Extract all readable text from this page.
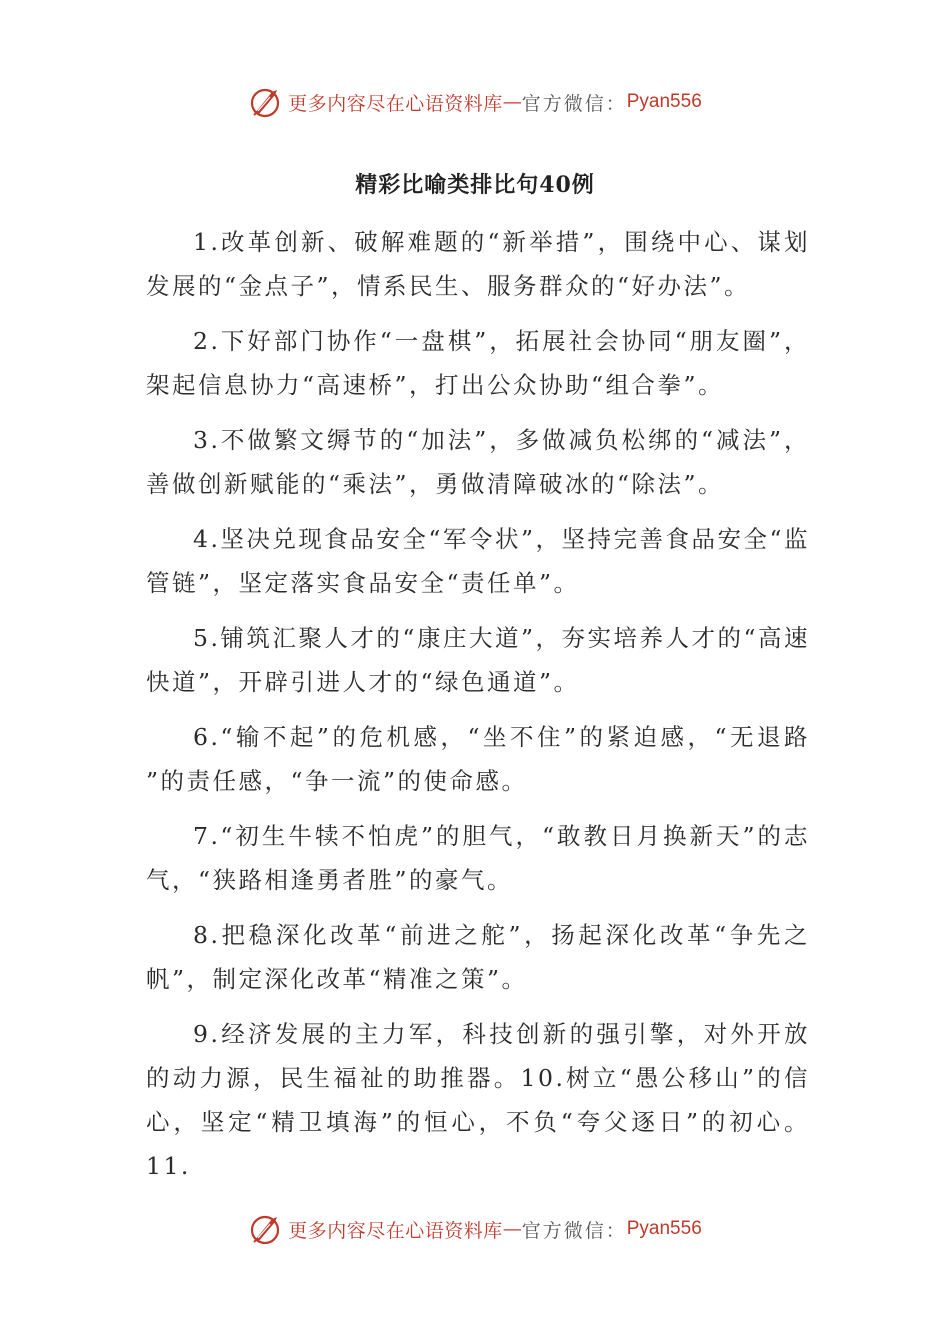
更多内容尽在心语资料库 — 官方微信： Pyan556
精彩比喻类排比句40例

1.改革创新、破解难题的“新举措”，围绕中心、谋划发展的“金点子”，情系民生、服务群众的“好办法”。

2.下好部门协作“一盘棋”，拓展社会协同“朋友圈”，架起信息协力“高速桥”，打出公众协助“组合拳”。

3.不做繁文缛节的“加法”，多做减负松绑的“减法”，善做创新赋能的“乘法”，勇做清障破冰的“除法”。

4.坚决兑现食品安全“军令状”，坚持完善食品安全“监管链”，坚定落实食品安全“责任单”。

5.铺筑汇聚人才的“康庄大道”，夯实培养人才的“高速快道”，开辟引进人才的“绿色通道”。

6.“输不起”的危机感，“坐不住”的紧迫感，“无退路 ”的责任感，“争一流”的使命感。

7.“初生牛犊不怕虎”的胆气，“敢教日月换新天”的志气，“狭路相逢勇者胜”的豪气。

8.把稳深化改革“前进之舵”，扬起深化改革“争先之帆”，制定深化改革“精准之策”。

9.经济发展的主力军，科技创新的强引擎，对外开放的动力源，民生福祉的助推器。10.树立“愚公移山”的信心，坚定“精卫填海”的恒心，不负“夸父逐日”的初心。11.

更多内容尽在心语资料库 — 官方微信： Pyan556
